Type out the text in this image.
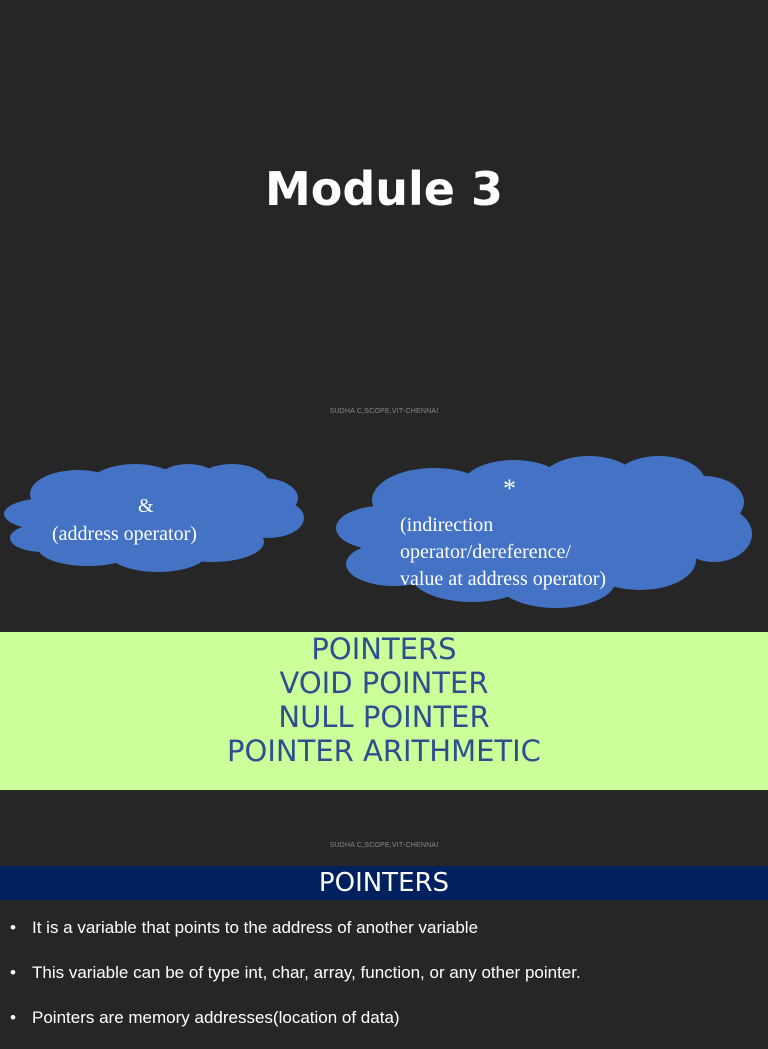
Module 3
SUDHA C,SCOPE,VIT-CHENNAI
&
(address operator)
*
(indirection
operator/dereference/
value at address operator)
POINTERS
VOID POINTER
NULL POINTER
POINTER ARITHMETIC
SUDHA C,SCOPE,VIT-CHENNAI
POINTERS
• It is a variable that points to the address of another variable
• This variable can be of type int, char, array, function, or any other pointer.
• Pointers are memory addresses(location of data)
